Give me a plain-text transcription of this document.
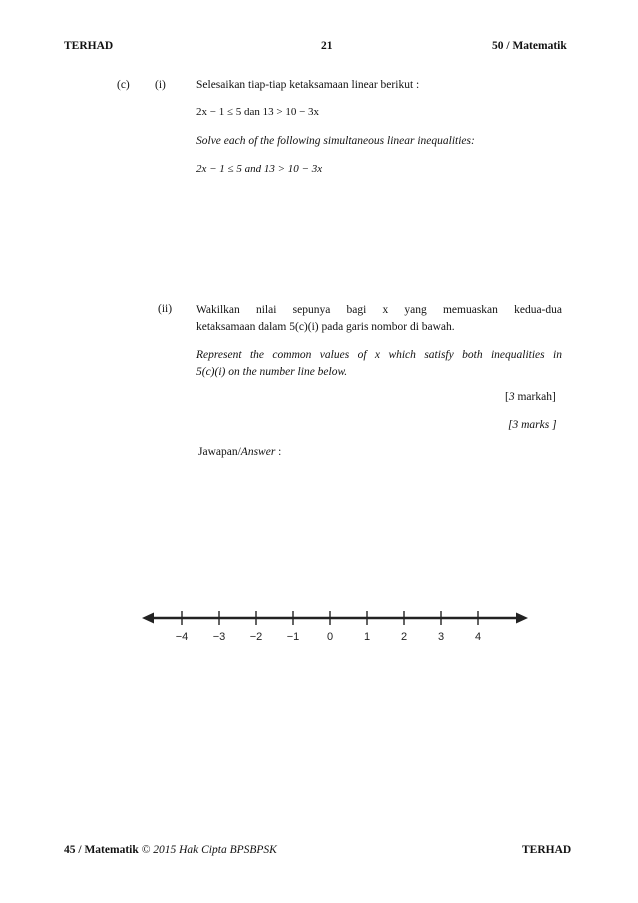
TERHAD	21	50 / Matematik
(c) (i)	Selesaikan tiap-tiap ketaksamaan linear berikut :
2x − 1 ≤ 5 dan 13 > 10 − 3x
Solve each of the following simultaneous linear inequalities:
2x − 1 ≤ 5 and 13 > 10 − 3x
(ii) Wakilkan nilai sepunya bagi x yang memuaskan kedua-dua
ketaksamaan dalam 5(c)(i) pada garis nombor di bawah.
Represent the common values of x which satisfy both inequalities in
5(c)(i) on the number line below.
[3 markah]
[3 marks ]
Jawapan/Answer :
−4 −3 −2 −1	0	1	2	3	4
45 / Matematik © 2015 Hak Cipta BPSBPSK	TERHAD
